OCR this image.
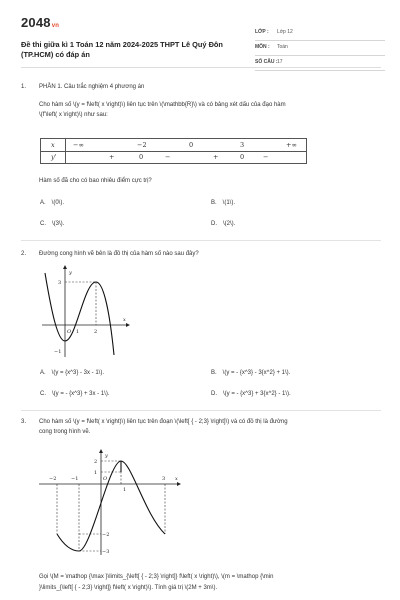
2048vn
Đề thi giữa kì 1 Toán 12 năm 2024-2025 THPT Lê Quý Đôn (TP.HCM) có đáp án
LỚP : Lớp 12
MÔN : Toán
SỐ CÂU : 17
1. PHẦN 1. Câu trắc nghiệm 4 phương án
Cho hàm số \(y = f\left( x \right)\) liên tục trên \(\mathbb{R}\) và có bảng xét dấu của đạo hàm
\(f'\left( x \right)\) như sau:
Hàm số đã cho có bao nhiêu điểm cực trị?
x	−∞	−2	0	3	+∞
y'	+	0	−	+	0	−
A. \(0\).	B. \(1\).
C. \(3\).	D. \(2\).
2. Đường cong hình vẽ bên là đồ thị của hàm số nào sau đây?
y
x
O 1	2
3
−1
A. \(y = {x^3} - 3x - 1\).	B. \(y = - {x^3} - 3{x^2} + 1\).
C. \(y = - {x^3} + 3x - 1\).	D. \(y = - {x^3} + 3{x^2} - 1\).
3. Cho hàm số \(y = f\left( x \right)\) liên tục trên đoạn \(\left[ { - 2;3} \right]\) và có đồ thị là đường
cong trong hình vẽ.
y
x
O
−2	−1
1
3
1
2
−2
−3
Gọi \(M = \mathop {\max }\limits_{\left[ { - 2;3} \right]} f\left( x \right)\), \(m = \mathop {\min
}\limits_{\left[ { - 2;3} \right]} f\left( x \right)\). Tính giá trị \(2M + 3m\).
